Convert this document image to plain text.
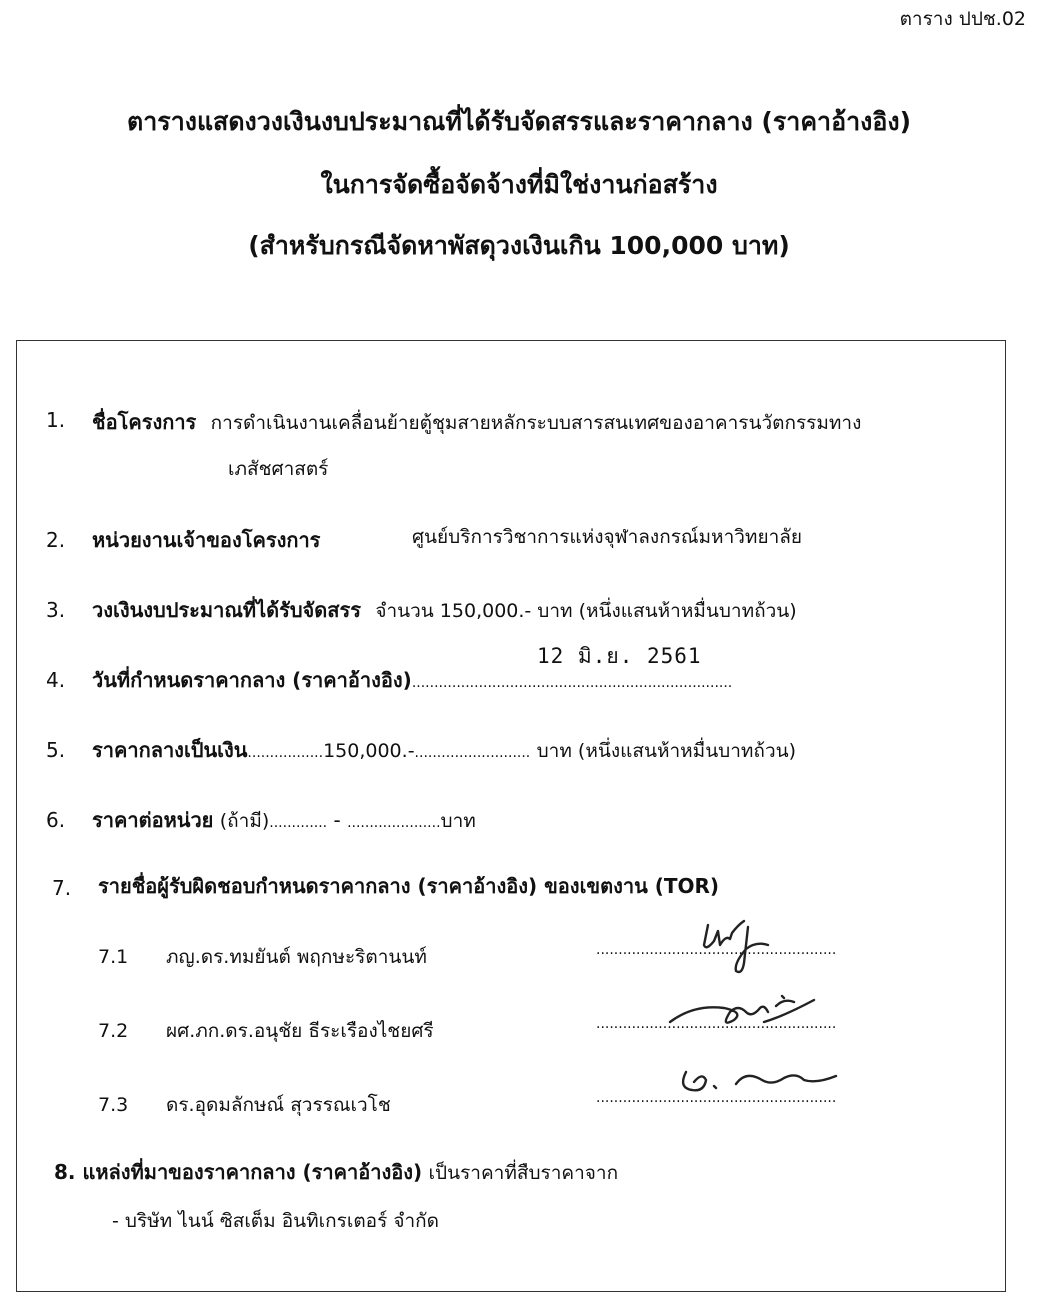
ตาราง ปปช.02
ตารางแสดงวงเงินงบประมาณที่ได้รับจัดสรรและราคากลาง (ราคาอ้างอิง)
ในการจัดซื้อจัดจ้างที่มิใช่งานก่อสร้าง
(สำหรับกรณีจัดหาพัสดุวงเงินเกิน 100,000 บาท)
1. ชื่อโครงการ การดำเนินงานเคลื่อนย้ายตู้ชุมสายหลักระบบสารสนเทศของอาคารนวัตกรรมทาง
เภสัชศาสตร์
2. หน่วยงานเจ้าของโครงการ	ศูนย์บริการวิชาการแห่งจุฬาลงกรณ์มหาวิทยาลัย
3. วงเงินงบประมาณที่ได้รับจัดสรร จำนวน 150,000.- บาท (หนึ่งแสนห้าหมื่นบาทถ้วน)
4. วันที่กำหนดราคากลาง (ราคาอ้างอิง)........................................................................
12 มิ.ย. 2561
5. ราคากลางเป็นเงิน.................150,000.-.......................... บาท (หนึ่งแสนห้าหมื่นบาทถ้วน)
6. ราคาต่อหน่วย (ถ้ามี)............. - .....................บาท
7. รายชื่อผู้รับผิดชอบกำหนดราคากลาง (ราคาอ้างอิง) ของเขตงาน (TOR)
7.1 ภญ.ดร.ทมยันต์ พฤกษะริตานนท์	......................................................
7.2 ผศ.ภก.ดร.อนุชัย ธีระเรืองไชยศรี	......................................................
7.3 ดร.อุดมลักษณ์ สุวรรณเวโช	......................................................
8. แหล่งที่มาของราคากลาง (ราคาอ้างอิง) เป็นราคาที่สืบราคาจาก
- บริษัท ไนน์ ซิสเต็ม อินทิเกรเตอร์ จำกัด
